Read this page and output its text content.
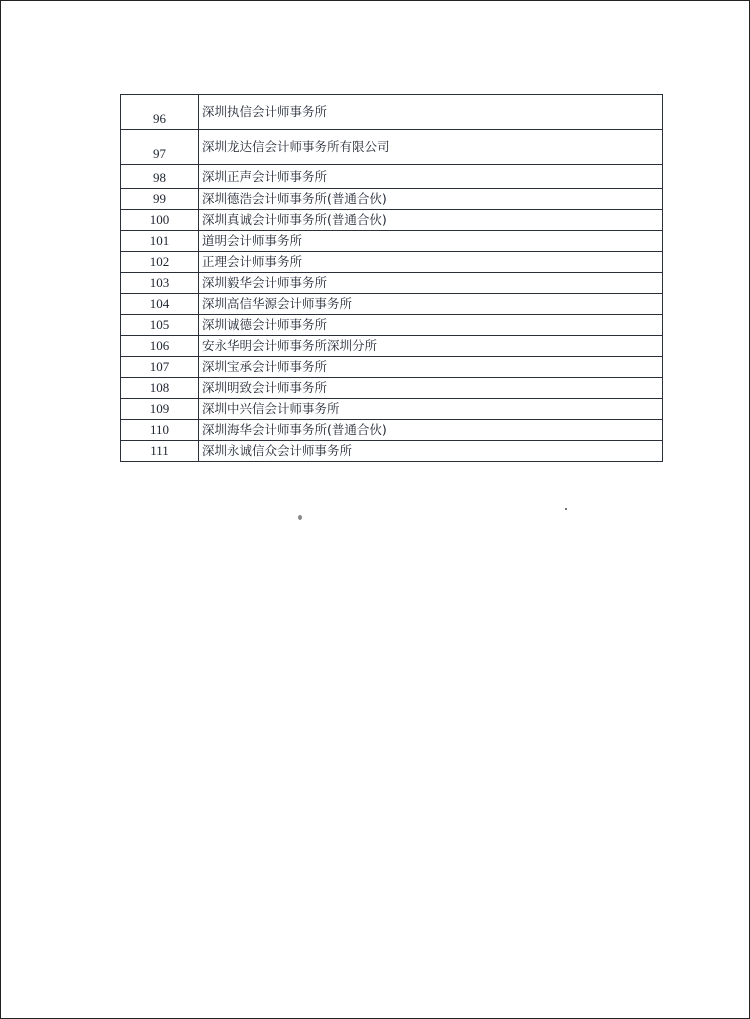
96	深圳执信会计师事务所
97	深圳龙达信会计师事务所有限公司
98	深圳正声会计师事务所
99	深圳德浩会计师事务所(普通合伙)
100	深圳真诚会计师事务所(普通合伙)
101	道明会计师事务所
102	正理会计师事务所
103	深圳毅华会计师事务所
104	深圳高信华源会计师事务所
105	深圳诚德会计师事务所
106	安永华明会计师事务所深圳分所
107	深圳宝承会计师事务所
108	深圳明致会计师事务所
109	深圳中兴信会计师事务所
110	深圳海华会计师事务所(普通合伙)
111	深圳永诚信众会计师事务所
